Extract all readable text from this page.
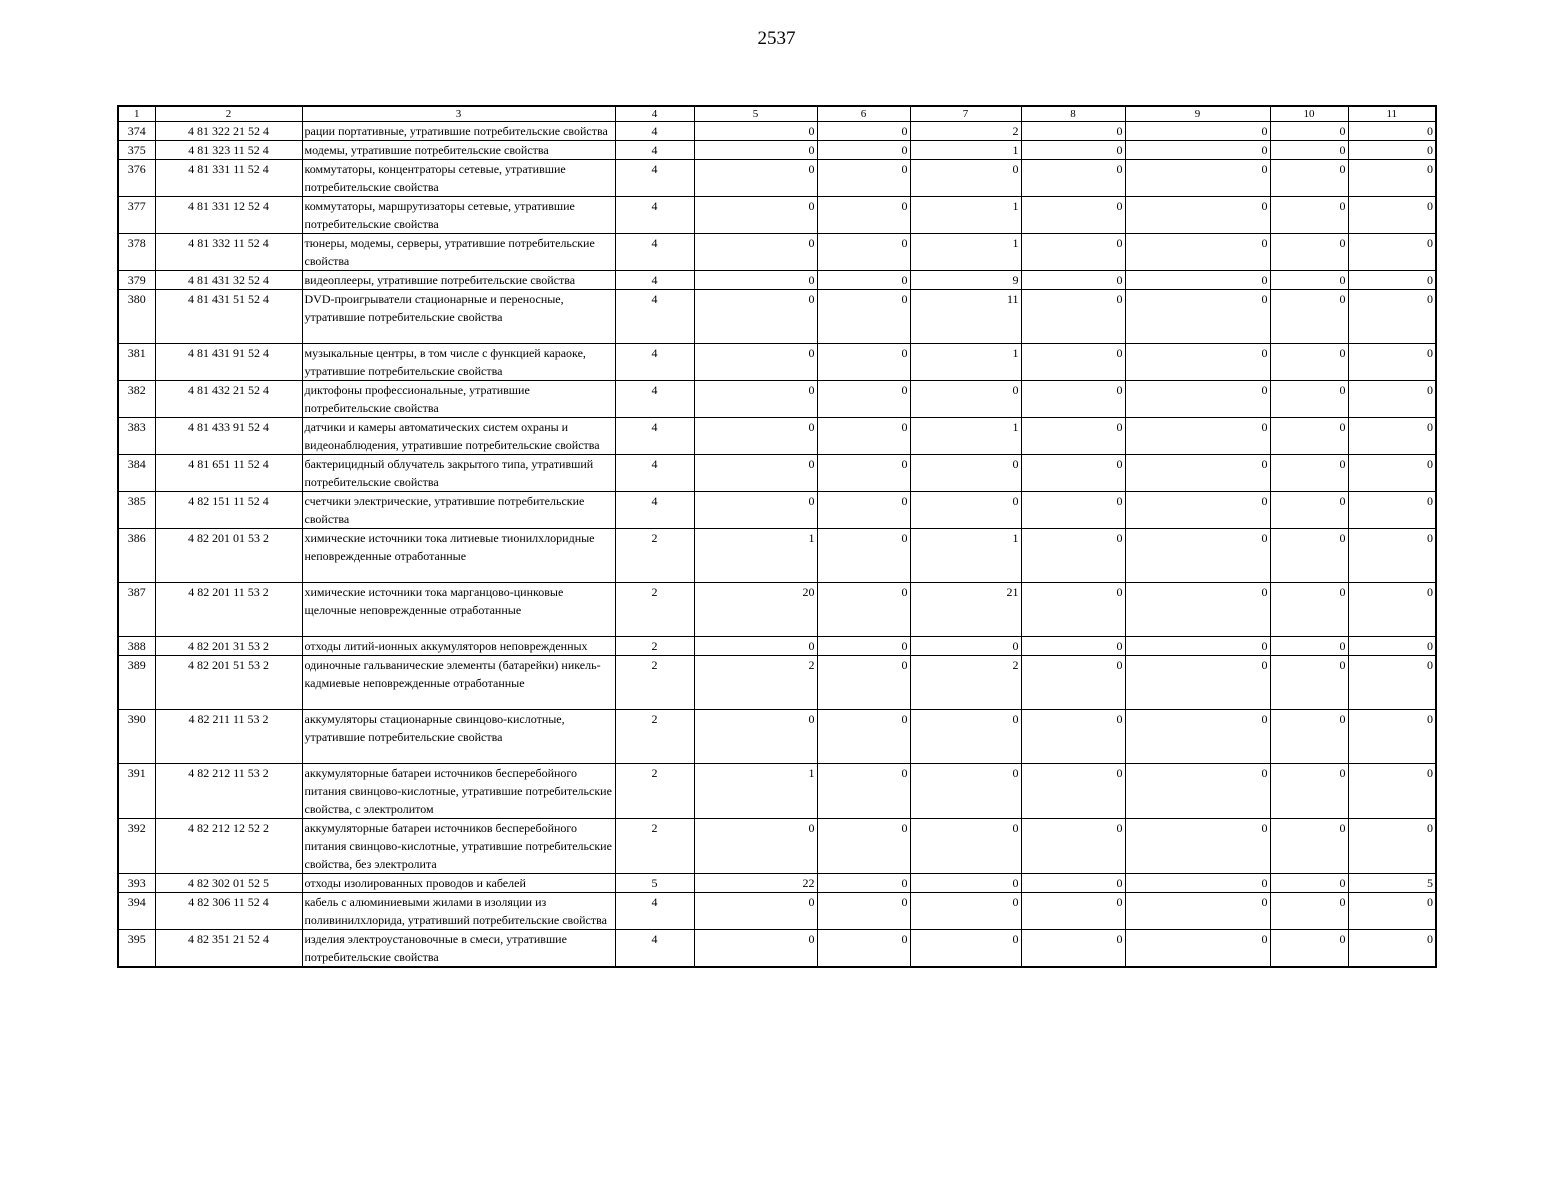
2537
1	2	3	4	5	6	7	8	9	10	11
374	4 81 322 21 52 4	рации портативные, утратившие потребительские свойства	4	0	0	2	0	0	0	0
375	4 81 323 11 52 4	модемы, утратившие потребительские свойства	4	0	0	1	0	0	0	0
376	4 81 331 11 52 4	коммутаторы, концентраторы сетевые, утратившие потребительские свойства	4	0	0	0	0	0	0	0
377	4 81 331 12 52 4	коммутаторы, маршрутизаторы сетевые, утратившие потребительские свойства	4	0	0	1	0	0	0	0
378	4 81 332 11 52 4	тюнеры, модемы, серверы, утратившие потребительские свойства	4	0	0	1	0	0	0	0
379	4 81 431 32 52 4	видеоплееры, утратившие потребительские свойства	4	0	0	9	0	0	0	0
380	4 81 431 51 52 4	DVD-проигрыватели стационарные и переносные, утратившие потребительские свойства	4	0	0	11	0	0	0	0
381	4 81 431 91 52 4	музыкальные центры, в том числе с функцией караоке, утратившие потребительские свойства	4	0	0	1	0	0	0	0
382	4 81 432 21 52 4	диктофоны профессиональные, утратившие потребительские свойства	4	0	0	0	0	0	0	0
383	4 81 433 91 52 4	датчики и камеры автоматических систем охраны и видеонаблюдения, утратившие потребительские свойства	4	0	0	1	0	0	0	0
384	4 81 651 11 52 4	бактерицидный облучатель закрытого типа, утративший потребительские свойства	4	0	0	0	0	0	0	0
385	4 82 151 11 52 4	счетчики электрические, утратившие потребительские свойства	4	0	0	0	0	0	0	0
386	4 82 201 01 53 2	химические источники тока литиевые тионилхлоридные неповрежденные отработанные	2	1	0	1	0	0	0	0
387	4 82 201 11 53 2	химические источники тока марганцово-цинковые щелочные неповрежденные отработанные	2	20	0	21	0	0	0	0
388	4 82 201 31 53 2	отходы литий-ионных аккумуляторов неповрежденных	2	0	0	0	0	0	0	0
389	4 82 201 51 53 2	одиночные гальванические элементы (батарейки) никель-кадмиевые неповрежденные отработанные	2	2	0	2	0	0	0	0
390	4 82 211 11 53 2	аккумуляторы стационарные свинцово-кислотные, утратившие потребительские свойства	2	0	0	0	0	0	0	0
391	4 82 212 11 53 2	аккумуляторные батареи источников бесперебойного питания свинцово-кислотные, утратившие потребительские свойства, с электролитом	2	1	0	0	0	0	0	0
392	4 82 212 12 52 2	аккумуляторные батареи источников бесперебойного питания свинцово-кислотные, утратившие потребительские свойства, без электролита	2	0	0	0	0	0	0	0
393	4 82 302 01 52 5	отходы изолированных проводов и кабелей	5	22	0	0	0	0	0	5
394	4 82 306 11 52 4	кабель с алюминиевыми жилами в изоляции из поливинилхлорида, утративший потребительские свойства	4	0	0	0	0	0	0	0
395	4 82 351 21 52 4	изделия электроустановочные в смеси, утратившие потребительские свойства	4	0	0	0	0	0	0	0
